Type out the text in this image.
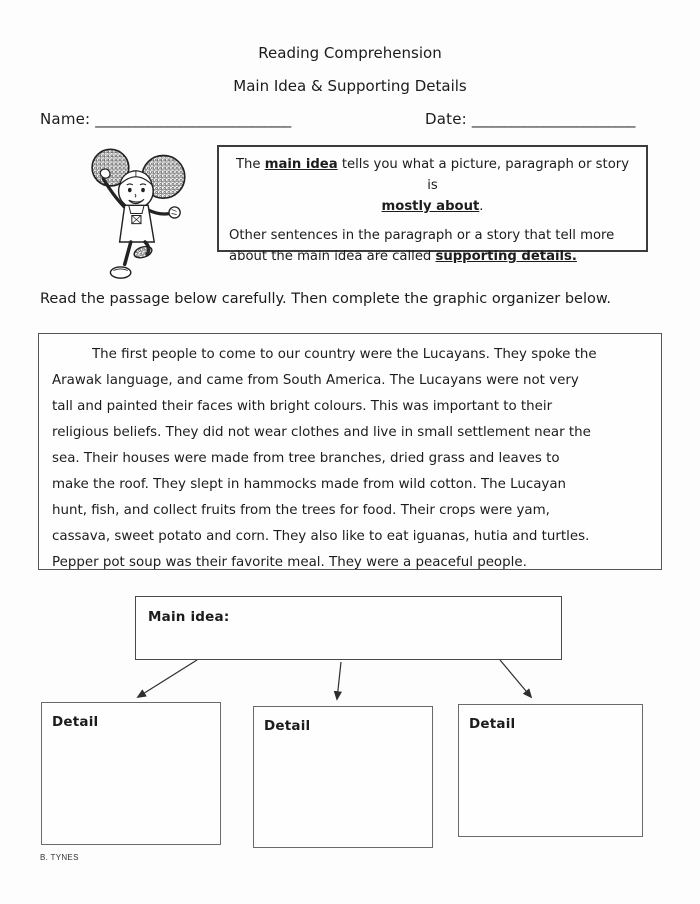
Reading Comprehension
Main Idea & Supporting Details
Name: ______________________________	Date: _________________________
The main idea tells you what a picture, paragraph or story is
mostly about.
Other sentences in the paragraph or a story that tell more about the main idea are called supporting details.
Read the passage below carefully. Then complete the graphic organizer below.
The first people to come to our country were the Lucayans. They spoke the
Arawak language, and came from South America. The Lucayans were not very
tall and painted their faces with bright colours. This was important to their
religious beliefs. They did not wear clothes and live in small settlement near the
sea. Their houses were made from tree branches, dried grass and leaves to
make the roof. They slept in hammocks made from wild cotton. The Lucayan
hunt, fish, and collect fruits from the trees for food. Their crops were yam,
cassava, sweet potato and corn. They also like to eat iguanas, hutia and turtles.
Pepper pot soup was their favorite meal. They were a peaceful people.
Main idea:
Detail	Detail	Detail
B. TYNES
